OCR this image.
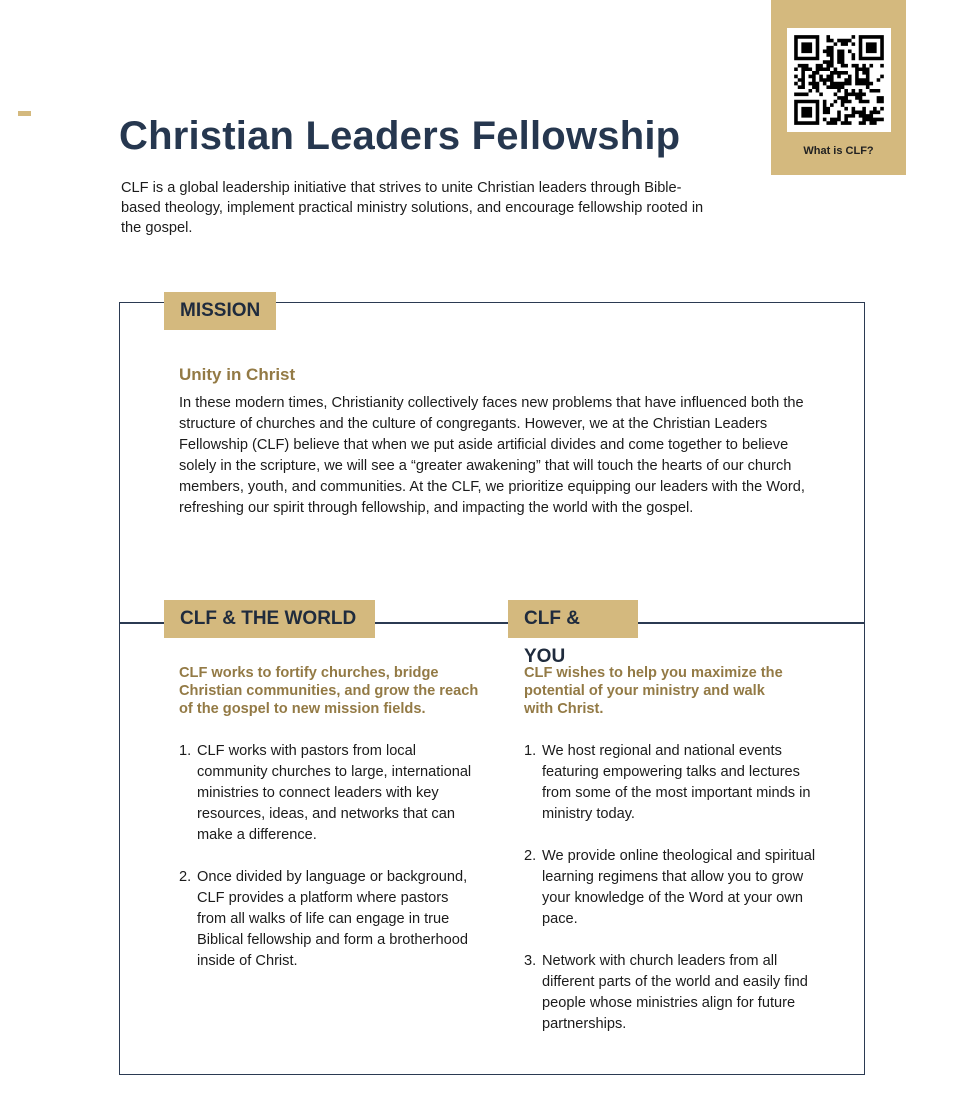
What is CLF?
Christian Leaders Fellowship
CLF is a global leadership initiative that strives to unite Christian leaders through Bible-based theology, implement practical ministry solutions, and encourage fellowship rooted in the gospel.
MISSION
Unity in Christ
In these modern times, Christianity collectively faces new problems that have influenced both the structure of churches and the culture of congregants. However, we at the Christian Leaders Fellowship (CLF) believe that when we put aside artificial divides and come together to believe solely in the scripture, we will see a “greater awakening” that will touch the hearts of our church members, youth, and communities. At the CLF, we prioritize equipping our leaders with the Word, refreshing our spirit through fellowship, and impacting the world with the gospel.
CLF & THE WORLD
CLF works to fortify churches, bridge Christian communities, and grow the reach of the gospel to new mission fields.
1. CLF works with pastors from local community churches to large, international ministries to connect leaders with key resources, ideas, and networks that can make a difference.
2. Once divided by language or background, CLF provides a platform where pastors from all walks of life can engage in true Biblical fellowship and form a brotherhood inside of Christ.
CLF & YOU
CLF wishes to help you maximize the potential of your ministry and walk with Christ.
1. We host regional and national events featuring empowering talks and lectures from some of the most important minds in ministry today.
2. We provide online theological and spiritual learning regimens that allow you to grow your knowledge of the Word at your own pace.
3. Network with church leaders from all different parts of the world and easily find people whose ministries align for future partnerships.
